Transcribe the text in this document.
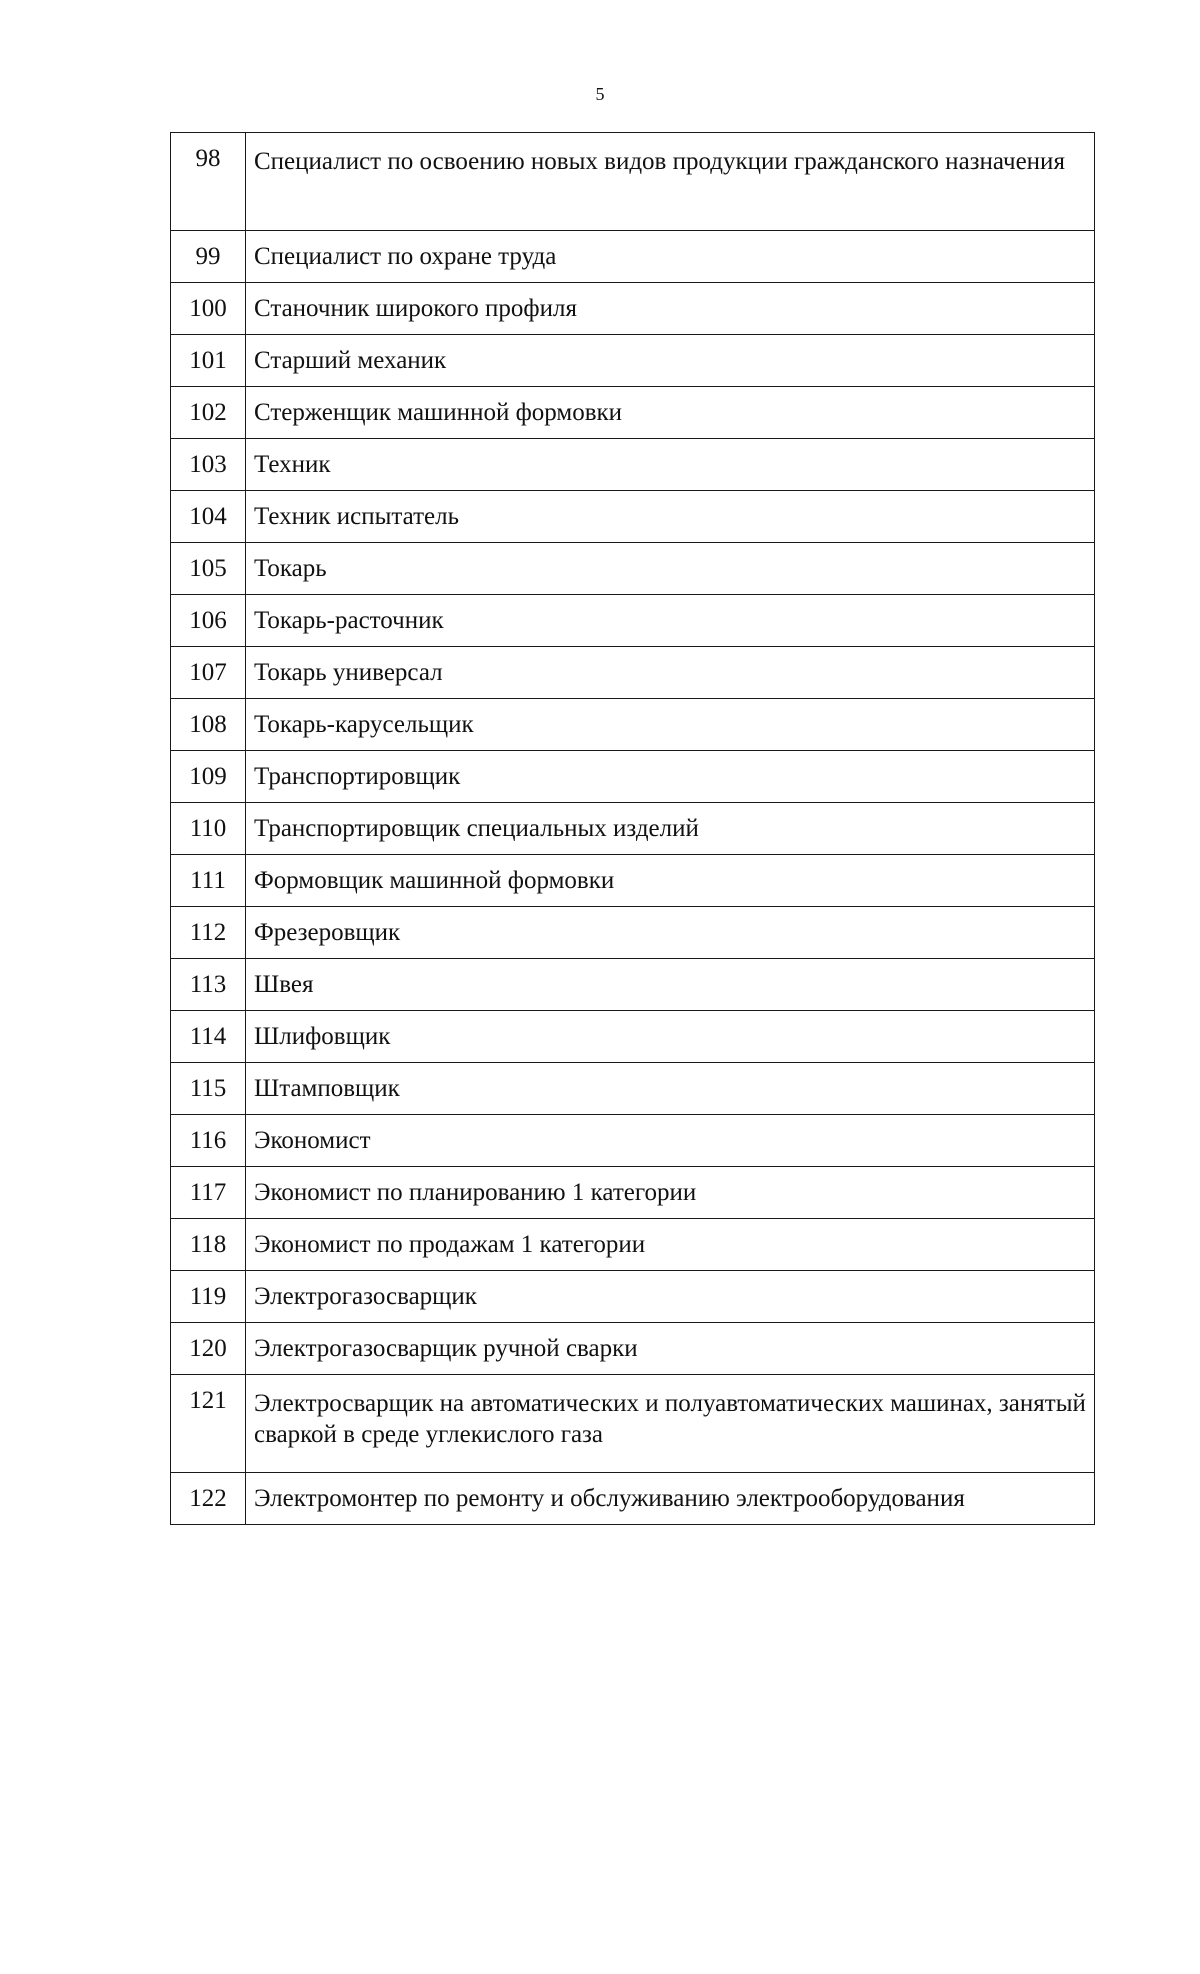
5
98	Специалист по освоению новых видов продукции гражданского назначения
99	Специалист по охране труда
100	Станочник широкого профиля
101	Старший механик
102	Стерженщик машинной формовки
103	Техник
104	Техник испытатель
105	Токарь
106	Токарь-расточник
107	Токарь универсал
108	Токарь-карусельщик
109	Транспортировщик
110	Транспортировщик специальных изделий
111	Формовщик машинной формовки
112	Фрезеровщик
113	Швея
114	Шлифовщик
115	Штамповщик
116	Экономист
117	Экономист по планированию 1 категории
118	Экономист по продажам 1 категории
119	Электрогазосварщик
120	Электрогазосварщик ручной сварки
121	Электросварщик на автоматических и полуавтоматических машинах, занятый сваркой в среде углекислого газа
122	Электромонтер по ремонту и обслуживанию электрооборудования
